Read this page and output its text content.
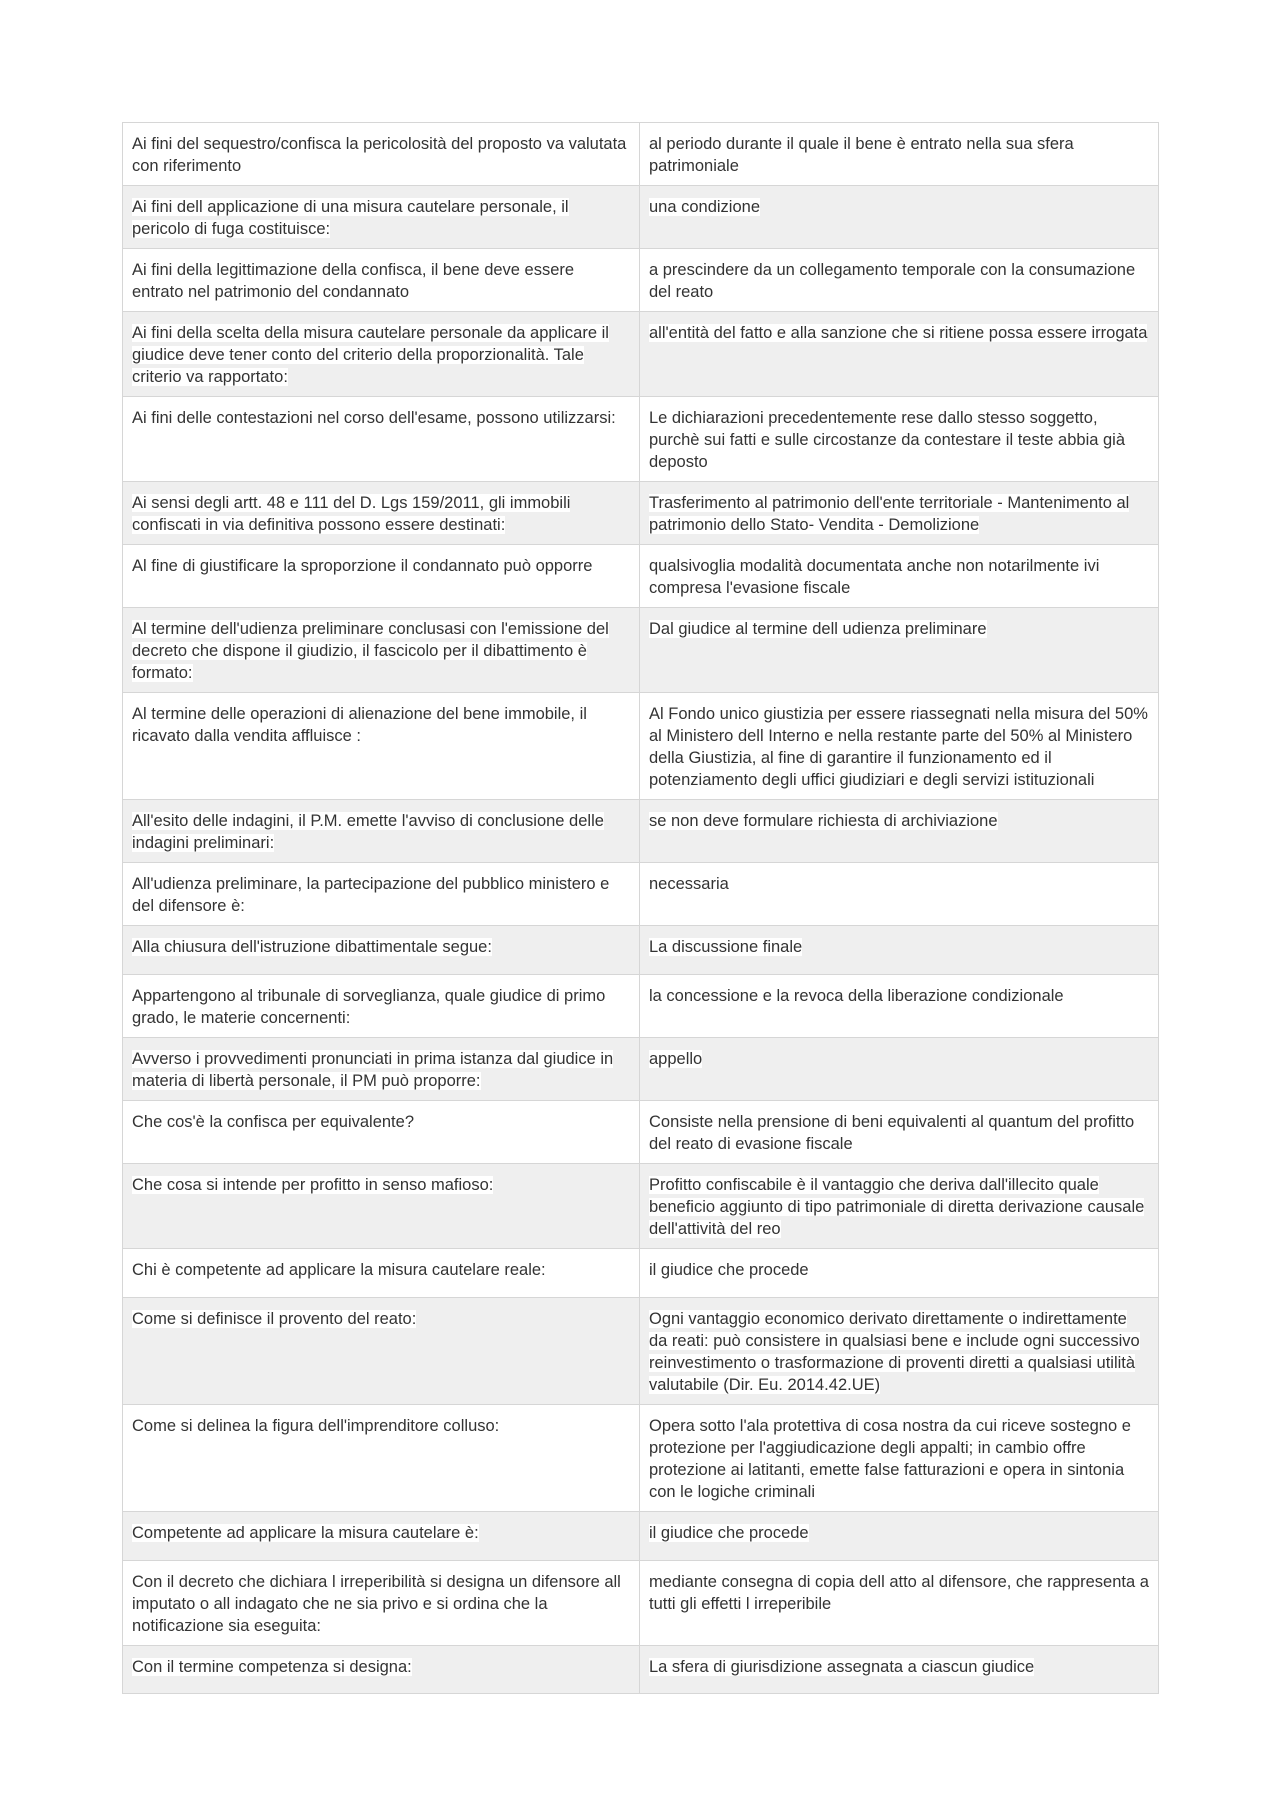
Ai fini del sequestro/confisca la pericolosità del proposto va valutata con riferimento	al periodo durante il quale il bene è entrato nella sua sfera patrimoniale
Ai fini dell applicazione di una misura cautelare personale, il pericolo di fuga costituisce:	una condizione
Ai fini della legittimazione della confisca, il bene deve essere entrato nel patrimonio del condannato	a prescindere da un collegamento temporale con la consumazione del reato
Ai fini della scelta della misura cautelare personale da applicare il giudice deve tener conto del criterio della proporzionalità. Tale criterio va rapportato:	all'entità del fatto e alla sanzione che si ritiene possa essere irrogata
Ai fini delle contestazioni nel corso dell'esame, possono utilizzarsi:	Le dichiarazioni precedentemente rese dallo stesso soggetto, purchè sui fatti e sulle circostanze da contestare il teste abbia già deposto
Ai sensi degli artt. 48 e 111 del D. Lgs 159/2011, gli immobili confiscati in via definitiva possono essere destinati:	Trasferimento al patrimonio dell'ente territoriale - Mantenimento al patrimonio dello Stato- Vendita - Demolizione
Al fine di giustificare la sproporzione il condannato può opporre	qualsivoglia modalità documentata anche non notarilmente ivi compresa l'evasione fiscale
Al termine dell'udienza preliminare conclusasi con l'emissione del decreto che dispone il giudizio, il fascicolo per il dibattimento è formato:	Dal giudice al termine dell udienza preliminare
Al termine delle operazioni di alienazione del bene immobile, il ricavato dalla vendita affluisce :	Al Fondo unico giustizia per essere riassegnati nella misura del 50% al Ministero dell Interno e nella restante parte del 50% al Ministero della Giustizia, al fine di garantire il funzionamento ed il potenziamento degli uffici giudiziari e degli servizi istituzionali
All'esito delle indagini, il P.M. emette l'avviso di conclusione delle indagini preliminari:	se non deve formulare richiesta di archiviazione
All'udienza preliminare, la partecipazione del pubblico ministero e del difensore è:	necessaria
Alla chiusura dell'istruzione dibattimentale segue:	La discussione finale
Appartengono al tribunale di sorveglianza, quale giudice di primo grado, le materie concernenti:	la concessione e la revoca della liberazione condizionale
Avverso i provvedimenti pronunciati in prima istanza dal giudice in materia di libertà personale, il PM può proporre:	appello
Che cos'è la confisca per equivalente?	Consiste nella prensione di beni equivalenti al quantum del profitto del reato di evasione fiscale
Che cosa si intende per profitto in senso mafioso:	Profitto confiscabile è il vantaggio che deriva dall'illecito quale beneficio aggiunto di tipo patrimoniale di diretta derivazione causale dell'attività del reo
Chi è competente ad applicare la misura cautelare reale:	il giudice che procede
Come si definisce il provento del reato:	Ogni vantaggio economico derivato direttamente o indirettamente da reati: può consistere in qualsiasi bene e include ogni successivo reinvestimento o trasformazione di proventi diretti a qualsiasi utilità valutabile (Dir. Eu. 2014.42.UE)
Come si delinea la figura dell'imprenditore colluso:	Opera sotto l'ala protettiva di cosa nostra da cui riceve sostegno e protezione per l'aggiudicazione degli appalti; in cambio offre protezione ai latitanti, emette false fatturazioni e opera in sintonia con le logiche criminali
Competente ad applicare la misura cautelare è:	il giudice che procede
Con il decreto che dichiara l irreperibilità si designa un difensore all imputato o all indagato che ne sia privo e si ordina che la notificazione sia eseguita:	mediante consegna di copia dell atto al difensore, che rappresenta a tutti gli effetti l irreperibile
Con il termine competenza si designa:	La sfera di giurisdizione assegnata a ciascun giudice
